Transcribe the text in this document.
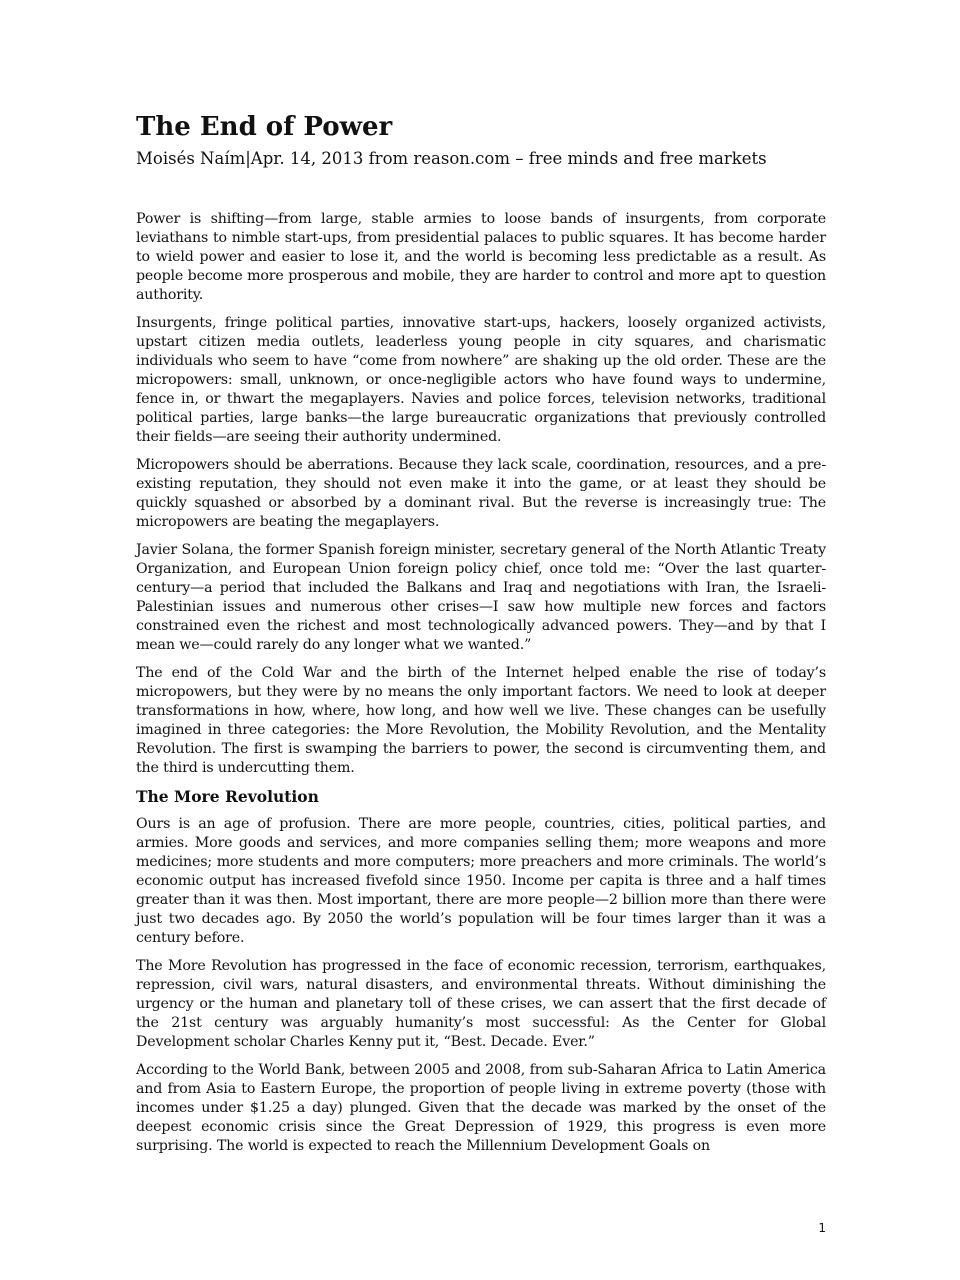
The End of Power
Moisés Naím|Apr. 14, 2013 from reason.com – free minds and free markets

Power is shifting—from large, stable armies to loose bands of insurgents, from corporate leviathans to nimble start-ups, from presidential palaces to public squares. It has become harder to wield power and easier to lose it, and the world is becoming less predictable as a result. As people become more prosperous and mobile, they are harder to control and more apt to question authority.

Insurgents, fringe political parties, innovative start-ups, hackers, loosely organized activists, upstart citizen media outlets, leaderless young people in city squares, and charismatic individuals who seem to have “come from nowhere” are shaking up the old order. These are the micropowers: small, unknown, or once-negligible actors who have found ways to undermine, fence in, or thwart the megaplayers. Navies and police forces, television networks, traditional political parties, large banks—the large bureaucratic organizations that previously controlled their fields—are seeing their authority undermined.

Micropowers should be aberrations. Because they lack scale, coordination, resources, and a pre-existing reputation, they should not even make it into the game, or at least they should be quickly squashed or absorbed by a dominant rival. But the reverse is increasingly true: The micropowers are beating the megaplayers.

Javier Solana, the former Spanish foreign minister, secretary general of the North Atlantic Treaty Organization, and European Union foreign policy chief, once told me: “Over the last quarter-century—a period that included the Balkans and Iraq and negotiations with Iran, the Israeli-Palestinian issues and numerous other crises—I saw how multiple new forces and factors constrained even the richest and most technologically advanced powers. They—and by that I mean we—could rarely do any longer what we wanted.”

The end of the Cold War and the birth of the Internet helped enable the rise of today’s micropowers, but they were by no means the only important factors. We need to look at deeper transformations in how, where, how long, and how well we live. These changes can be usefully imagined in three categories: the More Revolution, the Mobility Revolution, and the Mentality Revolution. The first is swamping the barriers to power, the second is circumventing them, and the third is undercutting them.

The More Revolution

Ours is an age of profusion. There are more people, countries, cities, political parties, and armies. More goods and services, and more companies selling them; more weapons and more medicines; more students and more computers; more preachers and more criminals. The world’s economic output has increased fivefold since 1950. Income per capita is three and a half times greater than it was then. Most important, there are more people—2 billion more than there were just two decades ago. By 2050 the world’s population will be four times larger than it was a century before.

The More Revolution has progressed in the face of economic recession, terrorism, earthquakes, repression, civil wars, natural disasters, and environmental threats. Without diminishing the urgency or the human and planetary toll of these crises, we can assert that the first decade of the 21st century was arguably humanity’s most successful: As the Center for Global Development scholar Charles Kenny put it, “Best. Decade. Ever.”

According to the World Bank, between 2005 and 2008, from sub-Saharan Africa to Latin America and from Asia to Eastern Europe, the proportion of people living in extreme poverty (those with incomes under $1.25 a day) plunged. Given that the decade was marked by the onset of the deepest economic crisis since the Great Depression of 1929, this progress is even more surprising. The world is expected to reach the Millennium Development Goals on

1
